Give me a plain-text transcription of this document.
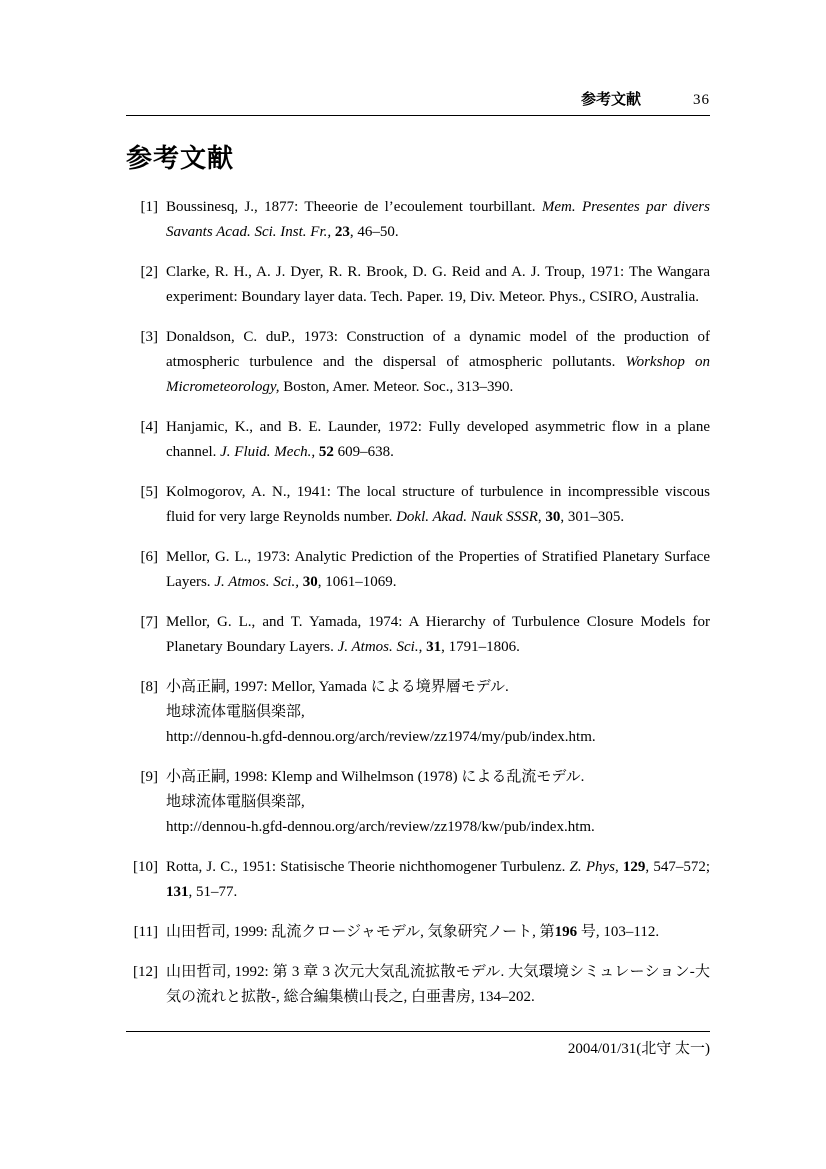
参考文献	36
参考文献
[1] Boussinesq, J., 1877: Theeorie de l’ecoulement tourbillant. Mem. Presentes par divers Savants Acad. Sci. Inst. Fr., 23, 46–50.
[2] Clarke, R. H., A. J. Dyer, R. R. Brook, D. G. Reid and A. J. Troup, 1971: The Wangara experiment: Boundary layer data. Tech. Paper. 19, Div. Meteor. Phys., CSIRO, Australia.
[3] Donaldson, C. duP., 1973: Construction of a dynamic model of the production of atmospheric turbulence and the dispersal of atmospheric pollutants. Workshop on Micrometeorology, Boston, Amer. Meteor. Soc., 313–390.
[4] Hanjamic, K., and B. E. Launder, 1972: Fully developed asymmetric flow in a plane channel. J. Fluid. Mech., 52 609–638.
[5] Kolmogorov, A. N., 1941: The local structure of turbulence in incompressible viscous fluid for very large Reynolds number. Dokl. Akad. Nauk SSSR, 30, 301–305.
[6] Mellor, G. L., 1973: Analytic Prediction of the Properties of Stratified Planetary Surface Layers. J. Atmos. Sci., 30, 1061–1069.
[7] Mellor, G. L., and T. Yamada, 1974: A Hierarchy of Turbulence Closure Models for Planetary Boundary Layers. J. Atmos. Sci., 31, 1791–1806.
[8] 小高正嗣, 1997: Mellor, Yamada による境界層モデル.
地球流体電脳倶楽部,
http://dennou-h.gfd-dennou.org/arch/review/zz1974/my/pub/index.htm.
[9] 小高正嗣, 1998: Klemp and Wilhelmson (1978) による乱流モデル.
地球流体電脳倶楽部,
http://dennou-h.gfd-dennou.org/arch/review/zz1978/kw/pub/index.htm.
[10] Rotta, J. C., 1951: Statisische Theorie nichthomogener Turbulenz. Z. Phys, 129, 547–572; 131, 51–77.
[11] 山田哲司, 1999: 乱流クロージャモデル, 気象研究ノート, 第196 号, 103–112.
[12] 山田哲司, 1992: 第 3 章 3 次元大気乱流拡散モデル. 大気環境シミュレーション-大気の流れと拡散-, 総合編集横山長之, 白亜書房, 134–202.
2004/01/31(北守 太一)
